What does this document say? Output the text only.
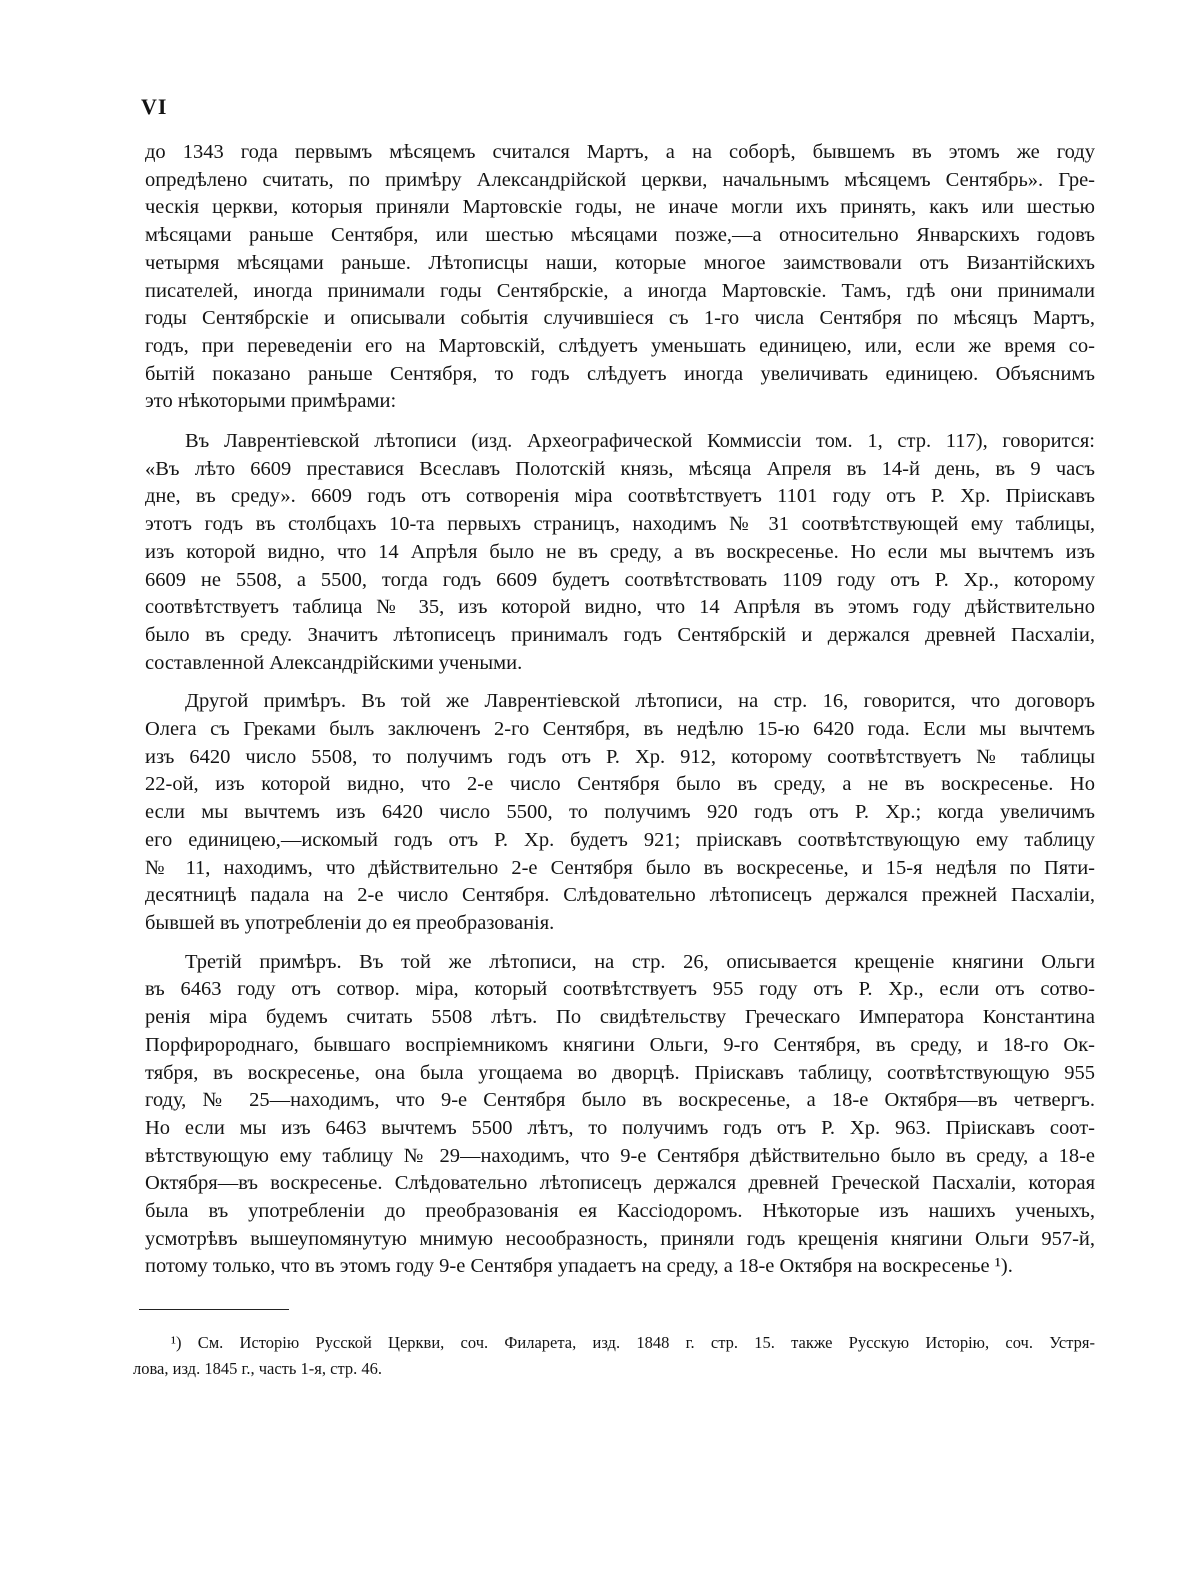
VI
до 1343 года первымъ мѣсяцемъ считался Мартъ, а на соборѣ, бывшемъ въ этомъ же году
опредѣлено считать, по примѣру Александрійской церкви, начальнымъ мѣсяцемъ Сентябрь». Гре-
ческія церкви, которыя приняли Мартовскіе годы, не иначе могли ихъ принять, какъ или шестью
мѣсяцами раньше Сентября, или шестью мѣсяцами позже,—а относительно Январскихъ годовъ
четырмя мѣсяцами раньше. Лѣтописцы наши, которые многое заимствовали отъ Византійскихъ
писателей, иногда принимали годы Сентябрскіе, а иногда Мартовскіе. Тамъ, гдѣ они принимали
годы Сентябрскіе и описывали событія случившіеся съ 1-го числа Сентября по мѣсяцъ Мартъ,
годъ, при переведеніи его на Мартовскій, слѣдуетъ уменьшать единицею, или, если же время со-
бытій показано раньше Сентября, то годъ слѣдуетъ иногда увеличивать единицею. Объяснимъ
это нѣкоторыми примѣрами:
Въ Лаврентіевской лѣтописи (изд. Археографической Коммиссіи том. 1, стр. 117), говорится:
«Въ лѣто 6609 преставися Всеславъ Полотскій князь, мѣсяца Апреля въ 14-й день, въ 9 часъ
дне, въ среду». 6609 годъ отъ сотворенія міра соотвѣтствуетъ 1101 году отъ Р. Хр. Пріискавъ
этотъ годъ въ столбцахъ 10-та первыхъ страницъ, находимъ № 31 соотвѣтствующей ему таблицы,
изъ которой видно, что 14 Апрѣля было не въ среду, а въ воскресенье. Но если мы вычтемъ изъ
6609 не 5508, а 5500, тогда годъ 6609 будетъ соотвѣтствовать 1109 году отъ Р. Хр., которому
соотвѣтствуетъ таблица № 35, изъ которой видно, что 14 Апрѣля въ этомъ году дѣйствительно
было въ среду. Значитъ лѣтописецъ принималъ годъ Сентябрскій и держался древней Пасхаліи,
составленной Александрійскими учеными.
Другой примѣръ. Въ той же Лаврентіевской лѣтописи, на стр. 16, говорится, что договоръ
Олега съ Греками былъ заключенъ 2-го Сентября, въ недѣлю 15-ю 6420 года. Если мы вычтемъ
изъ 6420 число 5508, то получимъ годъ отъ Р. Хр. 912, которому соотвѣтствуетъ № таблицы
22-ой, изъ которой видно, что 2-е число Сентября было въ среду, а не въ воскресенье. Но
если мы вычтемъ изъ 6420 число 5500, то получимъ 920 годъ отъ Р. Хр.; когда увеличимъ
его единицею,—искомый годъ отъ Р. Хр. будетъ 921; пріискавъ соотвѣтствующую ему таблицу
№ 11, находимъ, что дѣйствительно 2-е Сентября было въ воскресенье, и 15-я недѣля по Пяти-
десятницѣ падала на 2-е число Сентября. Слѣдовательно лѣтописецъ держался прежней Пасхаліи,
бывшей въ употребленіи до ея преобразованія.
Третій примѣръ. Въ той же лѣтописи, на стр. 26, описывается крещеніе княгини Ольги
въ 6463 году отъ сотвор. міра, который соотвѣтствуетъ 955 году отъ Р. Хр., если отъ сотво-
ренія міра будемъ считать 5508 лѣтъ. По свидѣтельству Греческаго Императора Константина
Порфиророднаго, бывшаго воспріемникомъ княгини Ольги, 9-го Сентября, въ среду, и 18-го Ок-
тября, въ воскресенье, она была угощаема во дворцѣ. Пріискавъ таблицу, соотвѣтствующую 955
году, № 25—находимъ, что 9-е Сентября было въ воскресенье, а 18-е Октября—въ четвергъ.
Но если мы изъ 6463 вычтемъ 5500 лѣтъ, то получимъ годъ отъ Р. Хр. 963. Пріискавъ соот-
вѣтствующую ему таблицу № 29—находимъ, что 9-е Сентября дѣйствительно было въ среду, а 18-е
Октября—въ воскресенье. Слѣдовательно лѣтописецъ держался древней Греческой Пасхаліи, которая
была въ употребленіи до преобразованія ея Кассіодоромъ. Нѣкоторые изъ нашихъ ученыхъ,
усмотрѣвъ вышеупомянутую мнимую несообразность, приняли годъ крещенія княгини Ольги 957-й,
потому только, что въ этомъ году 9-е Сентября упадаетъ на среду, а 18-е Октября на воскресенье ¹).
¹) См. Исторію Русской Церкви, соч. Филарета, изд. 1848 г. стр. 15. также Русскую Исторію, соч. Устря-
лова, изд. 1845 г., часть 1-я, стр. 46.
